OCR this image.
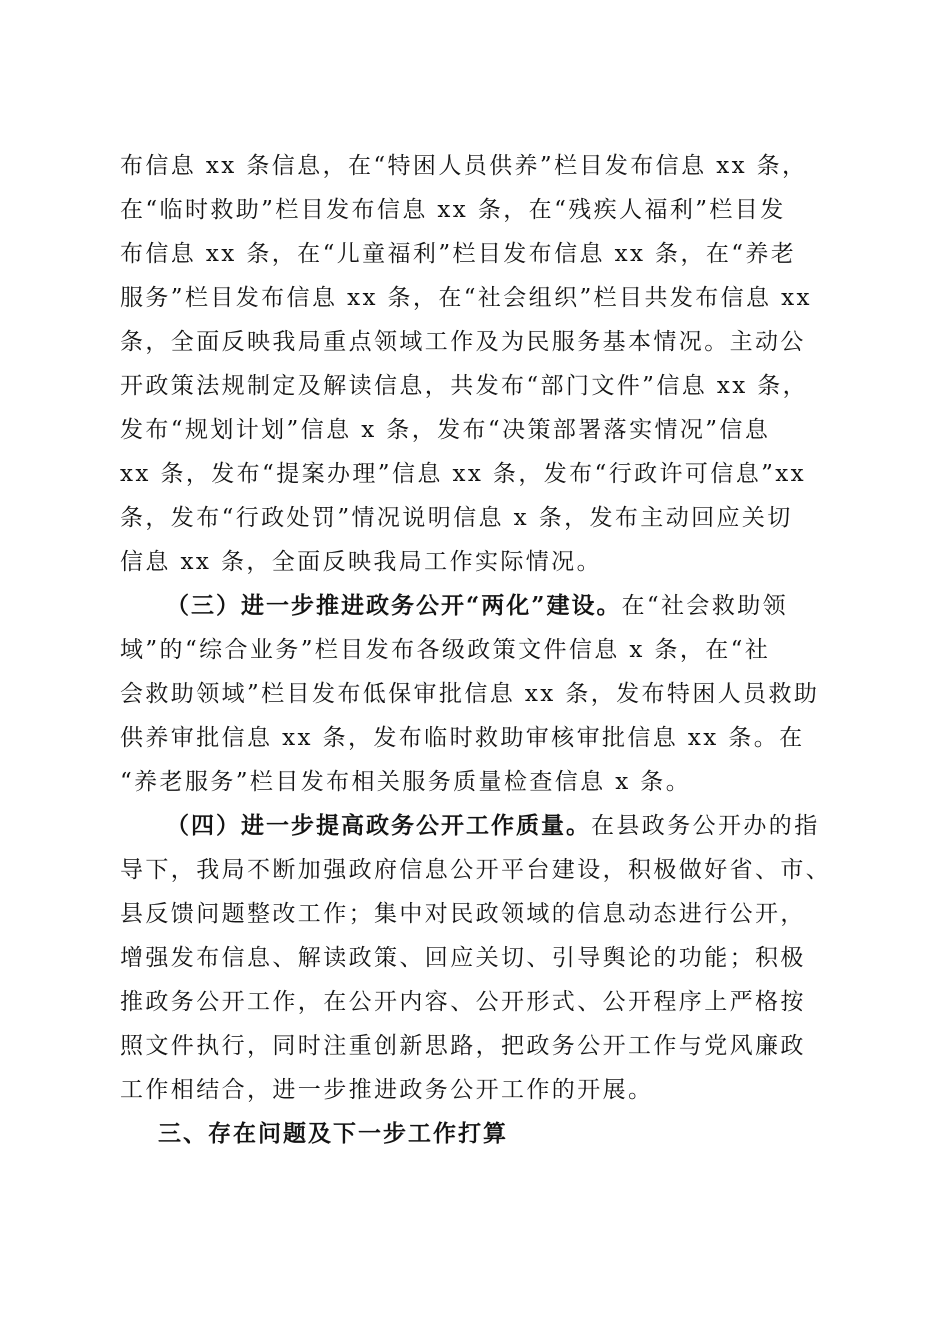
布信息 xx 条信息，在“特困人员供养”栏目发布信息 xx 条，
在“临时救助”栏目发布信息 xx 条，在“残疾人福利”栏目发
布信息 xx 条，在“儿童福利”栏目发布信息 xx 条，在“养老
服务”栏目发布信息 xx 条，在“社会组织”栏目共发布信息 xx
条，全面反映我局重点领域工作及为民服务基本情况。主动公
开政策法规制定及解读信息，共发布“部门文件”信息 xx 条，
发布“规划计划”信息 x 条，发布“决策部署落实情况”信息
xx 条，发布“提案办理”信息 xx 条，发布“行政许可信息”xx
条，发布“行政处罚”情况说明信息 x 条，发布主动回应关切
信息 xx 条，全面反映我局工作实际情况。
（三）进一步推进政务公开“两化”建设。在“社会救助领
域”的“综合业务”栏目发布各级政策文件信息 x 条，在“社
会救助领域”栏目发布低保审批信息 xx 条，发布特困人员救助
供养审批信息 xx 条，发布临时救助审核审批信息 xx 条。在
“养老服务”栏目发布相关服务质量检查信息 x 条。
（四）进一步提高政务公开工作质量。在县政务公开办的指
导下，我局不断加强政府信息公开平台建设，积极做好省、市、
县反馈问题整改工作；集中对民政领域的信息动态进行公开，
增强发布信息、解读政策、回应关切、引导舆论的功能；积极
推政务公开工作，在公开内容、公开形式、公开程序上严格按
照文件执行，同时注重创新思路，把政务公开工作与党风廉政
工作相结合，进一步推进政务公开工作的开展。
三、存在问题及下一步工作打算
